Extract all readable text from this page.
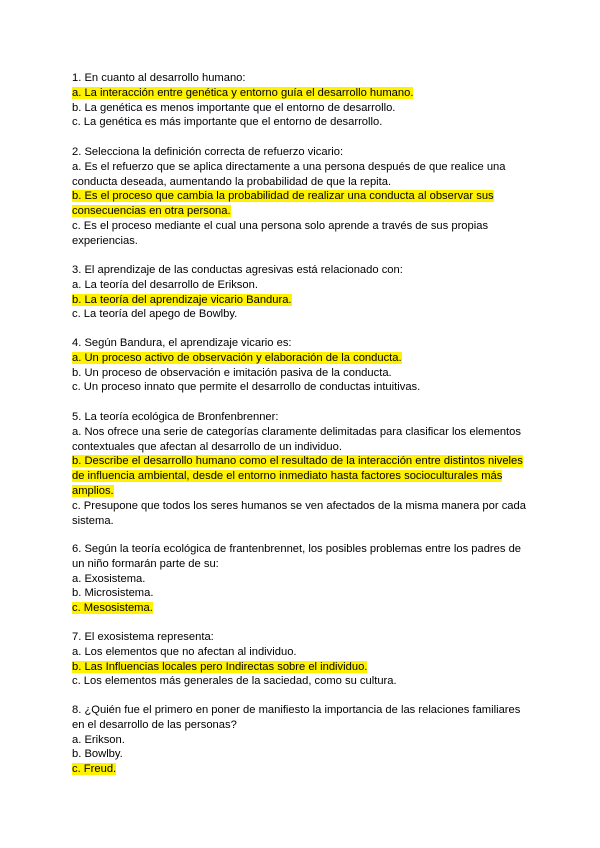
1. En cuanto al desarrollo humano:

a. La interacción entre genética y entorno guía el desarrollo humano.

b. La genética es menos importante que el entorno de desarrollo.

c. La genética es más importante que el entorno de desarrollo.

2. Selecciona la definición correcta de refuerzo vicario:

a. Es el refuerzo que se aplica directamente a una persona después de que realice una conducta deseada, aumentando la probabilidad de que la repita.

b. Es el proceso que cambia la probabilidad de realizar una conducta al observar sus consecuencias en otra persona.

c. Es el proceso mediante el cual una persona solo aprende a través de sus propias experiencias.

3. El aprendizaje de las conductas agresivas está relacionado con:

a. La teoría del desarrollo de Erikson.

b. La teoría del aprendizaje vicario Bandura.

c. La teoría del apego de Bowlby.

4. Según Bandura, el aprendizaje vicario es:

a. Un proceso activo de observación y elaboración de la conducta.

b. Un proceso de observación e imitación pasiva de la conducta.

c. Un proceso innato que permite el desarrollo de conductas intuitivas.

5. La teoría ecológica de Bronfenbrenner:

a. Nos ofrece una serie de categorías claramente delimitadas para clasificar los elementos contextuales que afectan al desarrollo de un individuo.

b. Describe el desarrollo humano como el resultado de la interacción entre distintos niveles de influencia ambiental, desde el entorno inmediato hasta factores socioculturales más amplios.

c. Presupone que todos los seres humanos se ven afectados de la misma manera por cada sistema.

6. Según la teoría ecológica de frantenbrennet, los posibles problemas entre los padres de un niño formarán parte de su:

a. Exosistema.

b. Microsistema.

c. Mesosistema.

7. El exosistema representa:

a. Los elementos que no afectan al individuo.

b. Las Influencias locales pero Indirectas sobre el individuo.

c. Los elementos más generales de la saciedad, como su cultura.

8. ¿Quién fue el primero en poner de manifiesto la importancia de las relaciones familiares en el desarrollo de las personas?

a. Erikson.

b. Bowlby.

c. Freud.
